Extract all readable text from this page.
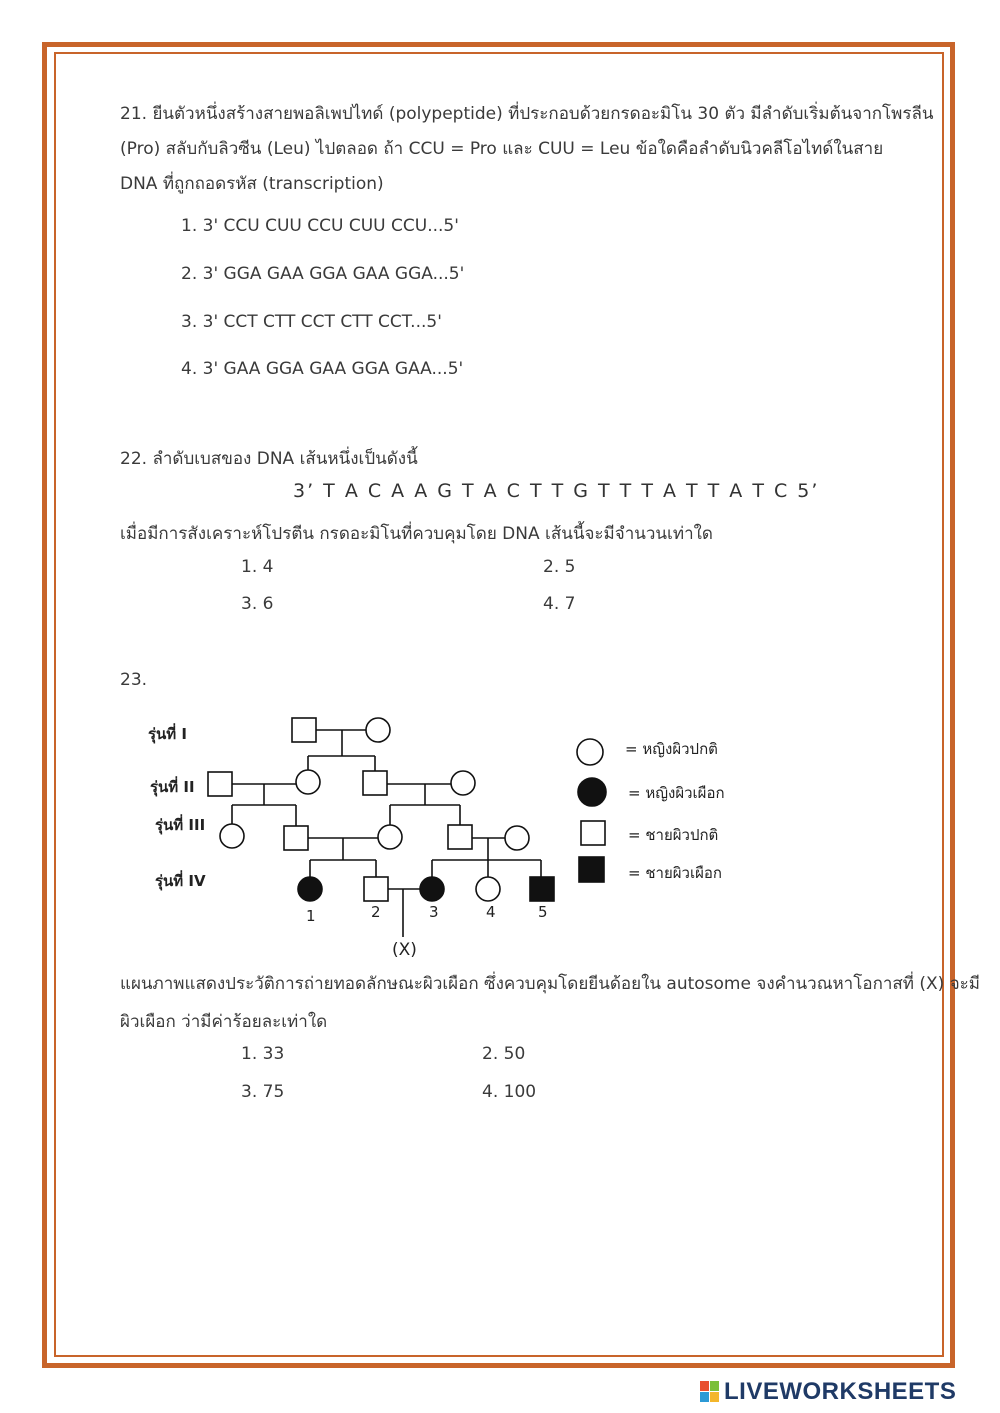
21. ยีนตัวหนึ่งสร้างสายพอลิเพปไทด์ (polypeptide) ที่ประกอบด้วยกรดอะมิโน 30 ตัว มีลำดับเริ่มต้นจากโพรลีน
(Pro) สลับกับลิวซีน (Leu) ไปตลอด ถ้า CCU = Pro และ CUU = Leu ข้อใดคือลำดับนิวคลีโอไทด์ในสาย
DNA ที่ถูกถอดรหัส (transcription)
1. 3' CCU CUU CCU CUU CCU...5'
2. 3' GGA GAA GGA GAA GGA...5'
3. 3' CCT CTT CCT CTT CCT...5'
4. 3' GAA GGA GAA GGA GAA...5'
22. ลำดับเบสของ DNA เส้นหนึ่งเป็นดังนี้
3’ T A C A A G T A C T T G T T T A T T A T C 5’
เมื่อมีการสังเคราะห์โปรตีน กรดอะมิโนที่ควบคุมโดย DNA เส้นนี้จะมีจำนวนเท่าใด
1. 4	2. 5
3. 6	4. 7
23.
รุ่นที่ I
รุ่นที่ II
รุ่นที่ III
รุ่นที่ IV
1	2	3	4	5
(X)
= หญิงผิวปกติ
= หญิงผิวเผือก
= ชายผิวปกติ
= ชายผิวเผือก
แผนภาพแสดงประวัติการถ่ายทอดลักษณะผิวเผือก ซึ่งควบคุมโดยยีนด้อยใน autosome จงคำนวณหาโอกาสที่ (X) จะมี
ผิวเผือก ว่ามีค่าร้อยละเท่าใด
1. 33	2. 50
3. 75	4. 100
LIVEWORKSHEETS
